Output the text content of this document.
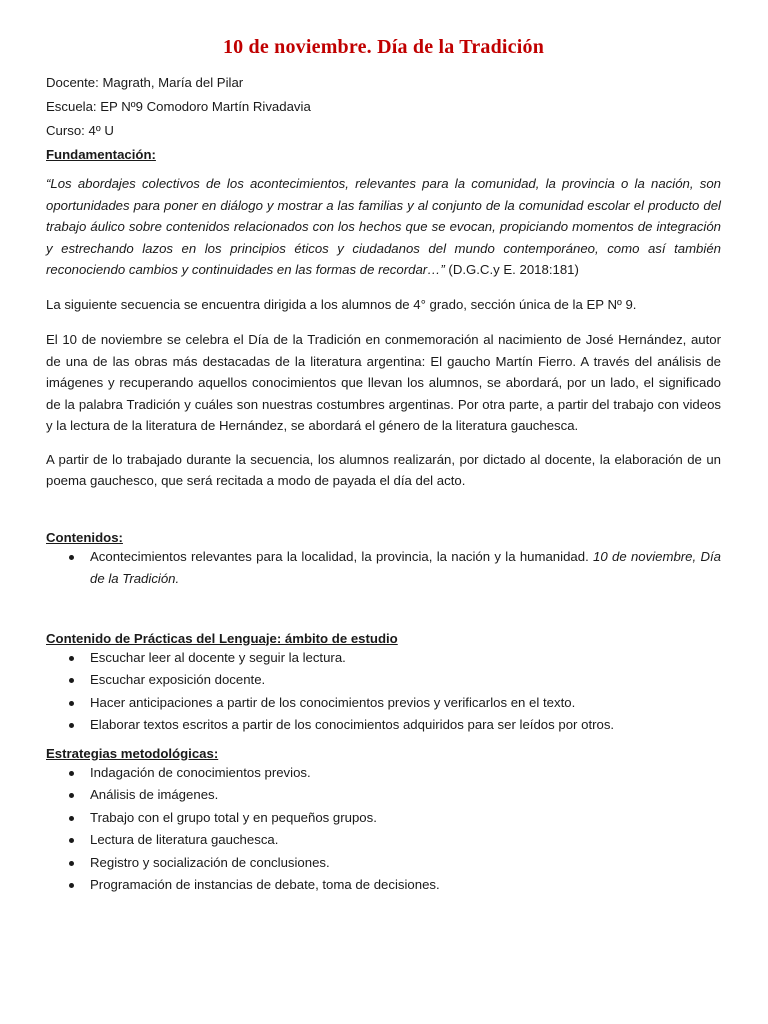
10 de noviembre. Día de la Tradición

Docente: Magrath, María del Pilar

Escuela: EP Nº9 Comodoro Martín Rivadavia

Curso: 4º U

Fundamentación:

“Los abordajes colectivos de los acontecimientos, relevantes para la comunidad, la provincia o la nación, son oportunidades para poner en diálogo y mostrar a las familias y al conjunto de la comunidad escolar el producto del trabajo áulico sobre contenidos relacionados con los hechos que se evocan, propiciando momentos de integración y estrechando lazos en los principios éticos y ciudadanos del mundo contemporáneo, como así también reconociendo cambios y continuidades en las formas de recordar…” (D.G.C.y E. 2018:181)

La siguiente secuencia se encuentra dirigida a los alumnos de 4° grado, sección única de la EP Nº 9.

El 10 de noviembre se celebra el Día de la Tradición en conmemoración al nacimiento de José Hernández, autor de una de las obras más destacadas de la literatura argentina: El gaucho Martín Fierro. A través del análisis de imágenes y recuperando aquellos conocimientos que llevan los alumnos, se abordará, por un lado, el significado de la palabra Tradición y cuáles son nuestras costumbres argentinas. Por otra parte, a partir del trabajo con videos y la lectura de la literatura de Hernández, se abordará el género de la literatura gauchesca.

A partir de lo trabajado durante la secuencia, los alumnos realizarán, por dictado al docente, la elaboración de un poema gauchesco, que será recitada a modo de payada el día del acto.

Contenidos:

Acontecimientos relevantes para la localidad, la provincia, la nación y la humanidad. 10 de noviembre, Día de la Tradición.

Contenido de Prácticas del Lenguaje: ámbito de estudio

Escuchar leer al docente y seguir la lectura.
Escuchar exposición docente.
Hacer anticipaciones a partir de los conocimientos previos y verificarlos en el texto.
Elaborar textos escritos a partir de los conocimientos adquiridos para ser leídos por otros.

Estrategias metodológicas:

Indagación de conocimientos previos.
Análisis de imágenes.
Trabajo con el grupo total y en pequeños grupos.
Lectura de literatura gauchesca.
Registro y socialización de conclusiones.
Programación de instancias de debate, toma de decisiones.
